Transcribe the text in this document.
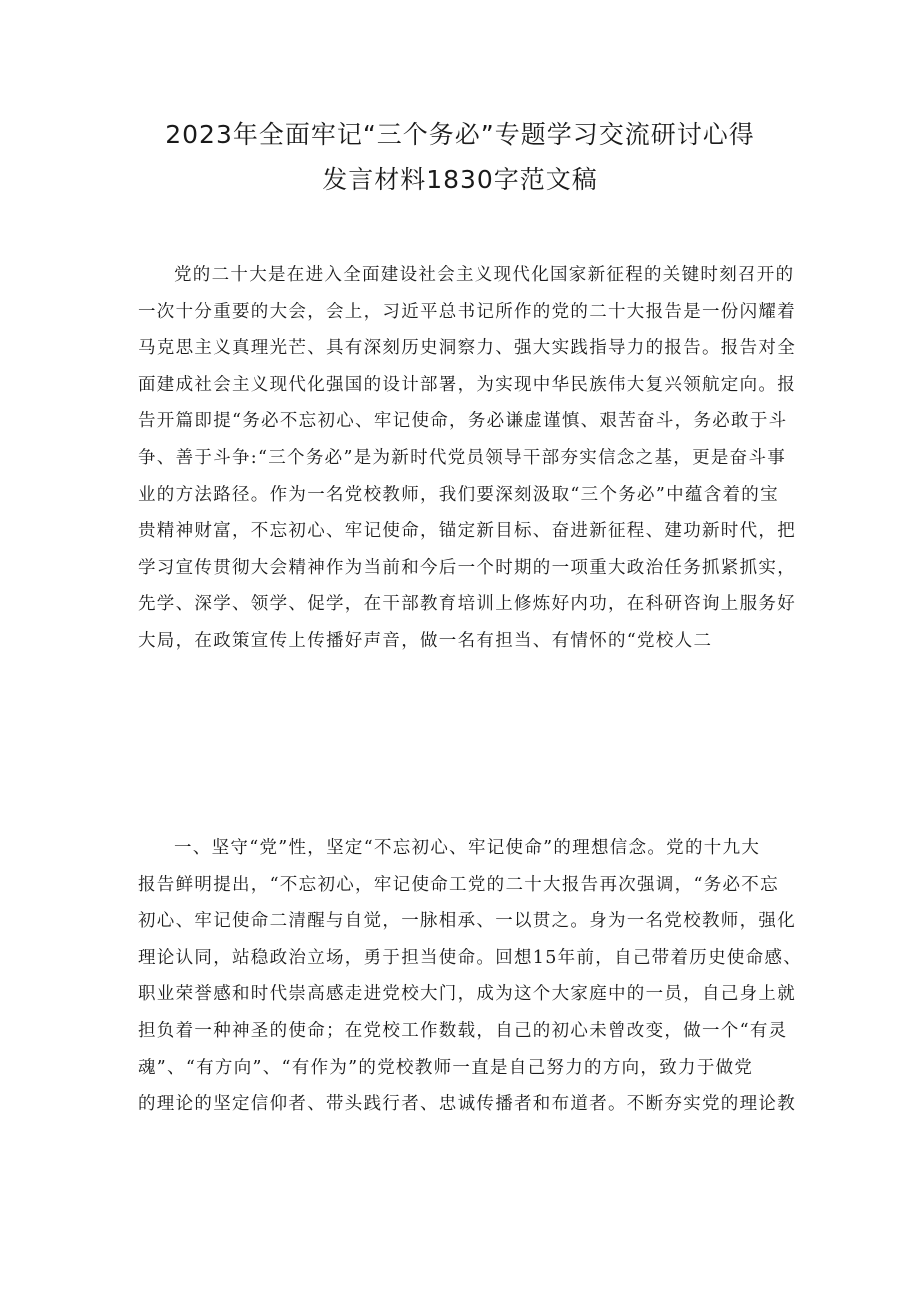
2023年全面牢记“三个务必”专题学习交流研讨心得
发言材料1830字范文稿

党的二十大是在进入全面建设社会主义现代化国家新征程的关键时刻召开的
一次十分重要的大会，会上，习近平总书记所作的党的二十大报告是一份闪耀着
马克思主义真理光芒、具有深刻历史洞察力、强大实践指导力的报告。报告对全
面建成社会主义现代化强国的设计部署，为实现中华民族伟大复兴领航定向。报
告开篇即提“务必不忘初心、牢记使命，务必谦虚谨慎、艰苦奋斗，务必敢于斗
争、善于斗争:“三个务必”是为新时代党员领导干部夯实信念之基，更是奋斗事
业的方法路径。作为一名党校教师，我们要深刻汲取“三个务必”中蕴含着的宝
贵精神财富，不忘初心、牢记使命，锚定新目标、奋进新征程、建功新时代，把
学习宣传贯彻大会精神作为当前和今后一个时期的一项重大政治任务抓紧抓实，
先学、深学、领学、促学，在干部教育培训上修炼好内功，在科研咨询上服务好
大局，在政策宣传上传播好声音，做一名有担当、有情怀的“党校人二

一、坚守“党”性，坚定“不忘初心、牢记使命”的理想信念。党的十九大
报告鲜明提出，“不忘初心，牢记使命工党的二十大报告再次强调，“务必不忘
初心、牢记使命二清醒与自觉，一脉相承、一以贯之。身为一名党校教师，强化
理论认同，站稳政治立场，勇于担当使命。回想15年前，自己带着历史使命感、
职业荣誉感和时代崇高感走进党校大门，成为这个大家庭中的一员，自己身上就
担负着一种神圣的使命；在党校工作数载，自己的初心未曾改变，做一个“有灵
魂”、“有方向”、“有作为”的党校教师一直是自己努力的方向，致力于做党
的理论的坚定信仰者、带头践行者、忠诚传播者和布道者。不断夯实党的理论教
